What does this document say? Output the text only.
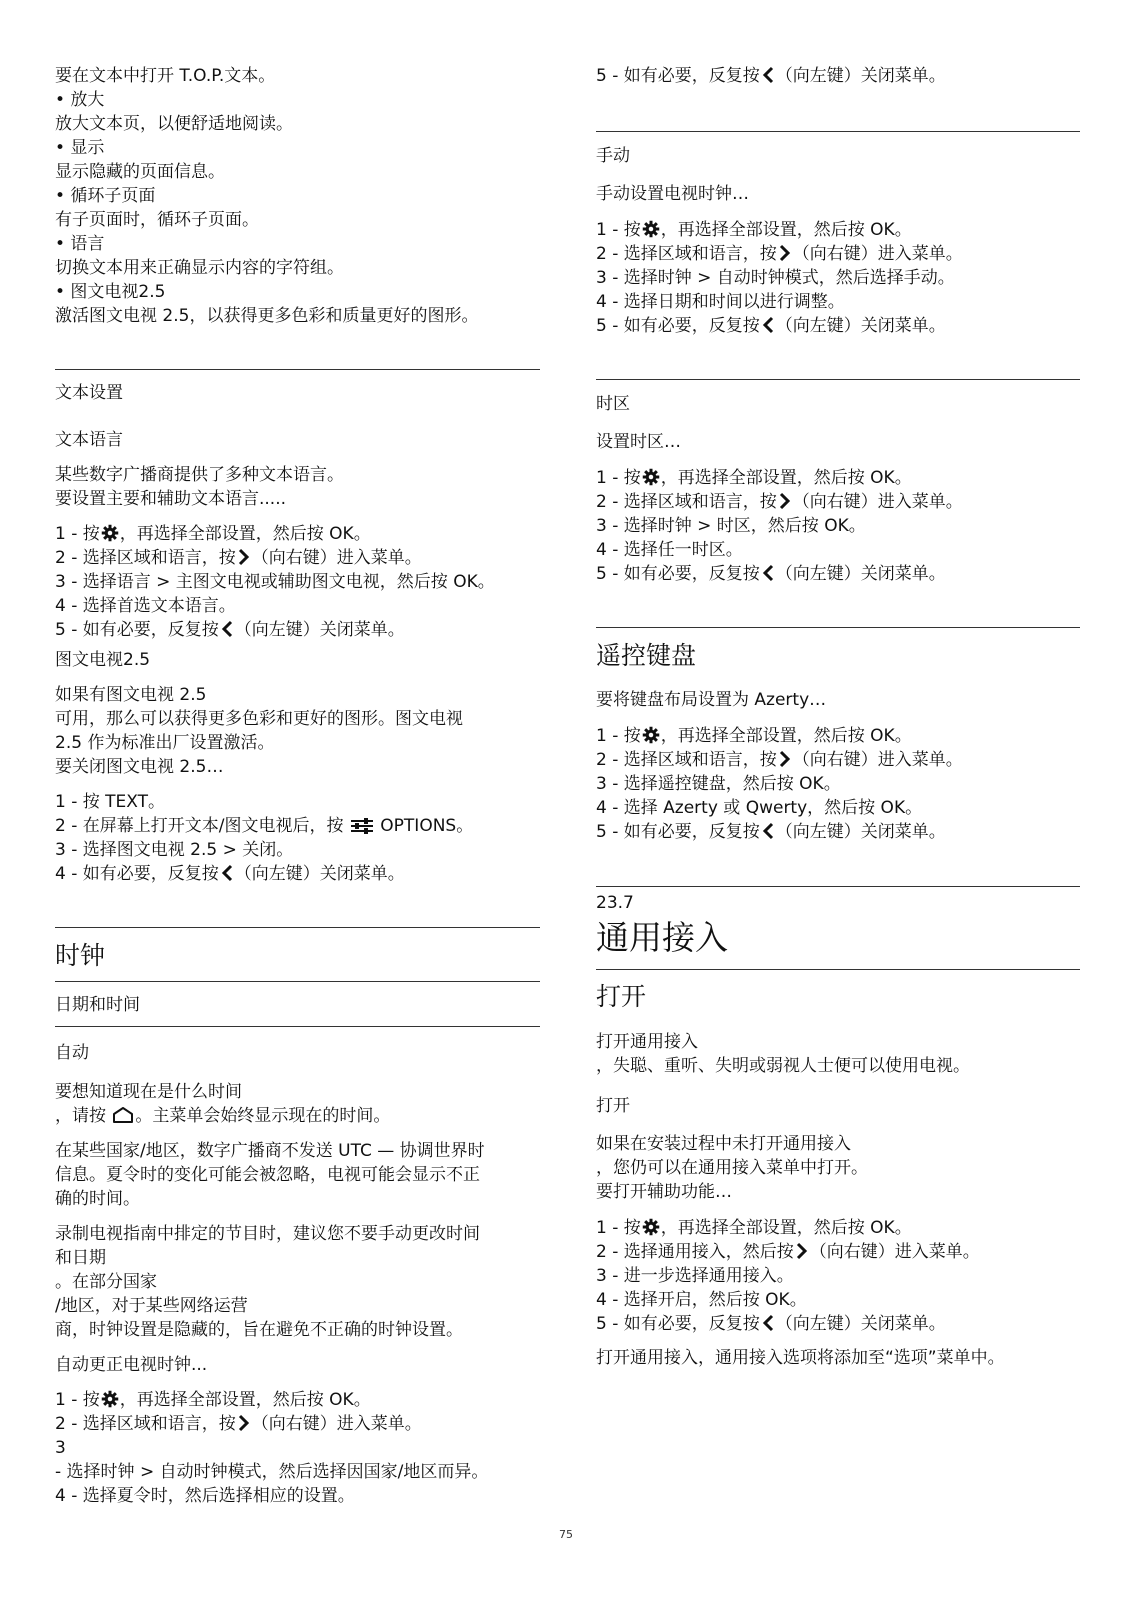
要在文本中打开 T.O.P.文本。
• 放大
放大文本页，以便舒适地阅读。
• 显示
显示隐藏的页面信息。
• 循环子页面
有子页面时，循环子页面。
• 语言
切换文本用来正确显示内容的字符组。
• 图文电视2.5
激活图文电视 2.5，以获得更多色彩和质量更好的图形。
文本设置
文本语言
某些数字广播商提供了多种文本语言。
要设置主要和辅助文本语言.....
1 - 按 ，再选择全部设置，然后按 OK。
2 - 选择区域和语言，按 （向右键）进入菜单。
3 - 选择语言 > 主图文电视或辅助图文电视，然后按 OK。
4 - 选择首选文本语言。
5 - 如有必要，反复按 （向左键）关闭菜单。
图文电视2.5
如果有图文电视 2.5
可用，那么可以获得更多色彩和更好的图形。图文电视
2.5 作为标准出厂设置激活。
要关闭图文电视 2.5…
1 - 按 TEXT。
2 - 在屏幕上打开文本/图文电视后，按  OPTIONS。
3 - 选择图文电视 2.5 > 关闭。
4 - 如有必要，反复按 （向左键）关闭菜单。
时钟
日期和时间
自动
要想知道现在是什么时间
，请按 。主菜单会始终显示现在的时间。
在某些国家/地区，数字广播商不发送 UTC — 协调世界时
信息。夏令时的变化可能会被忽略，电视可能会显示不正
确的时间。
录制电视指南中排定的节目时，建议您不要手动更改时间
和日期
。在部分国家
/地区，对于某些网络运营
商，时钟设置是隐藏的，旨在避免不正确的时钟设置。
自动更正电视时钟...
1 - 按 ，再选择全部设置，然后按 OK。
2 - 选择区域和语言，按 （向右键）进入菜单。
3
- 选择时钟 > 自动时钟模式，然后选择因国家/地区而异。
4 - 选择夏令时，然后选择相应的设置。
5 - 如有必要，反复按 （向左键）关闭菜单。
手动
手动设置电视时钟…
1 - 按 ，再选择全部设置，然后按 OK。
2 - 选择区域和语言，按 （向右键）进入菜单。
3 - 选择时钟 > 自动时钟模式，然后选择手动。
4 - 选择日期和时间以进行调整。
5 - 如有必要，反复按 （向左键）关闭菜单。
时区
设置时区…
1 - 按 ，再选择全部设置，然后按 OK。
2 - 选择区域和语言，按 （向右键）进入菜单。
3 - 选择时钟 > 时区，然后按 OK。
4 - 选择任一时区。
5 - 如有必要，反复按 （向左键）关闭菜单。
遥控键盘
要将键盘布局设置为 Azerty…
1 - 按 ，再选择全部设置，然后按 OK。
2 - 选择区域和语言，按 （向右键）进入菜单。
3 - 选择遥控键盘，然后按 OK。
4 - 选择 Azerty 或 Qwerty，然后按 OK。
5 - 如有必要，反复按 （向左键）关闭菜单。
23.7
通用接入
打开
打开通用接入
，失聪、重听、失明或弱视人士便可以使用电视。
打开
如果在安装过程中未打开通用接入
，您仍可以在通用接入菜单中打开。
要打开辅助功能…
1 - 按 ，再选择全部设置，然后按 OK。
2 - 选择通用接入，然后按 （向右键）进入菜单。
3 - 进一步选择通用接入。
4 - 选择开启，然后按 OK。
5 - 如有必要，反复按 （向左键）关闭菜单。
打开通用接入，通用接入选项将添加至“选项”菜单中。
75
